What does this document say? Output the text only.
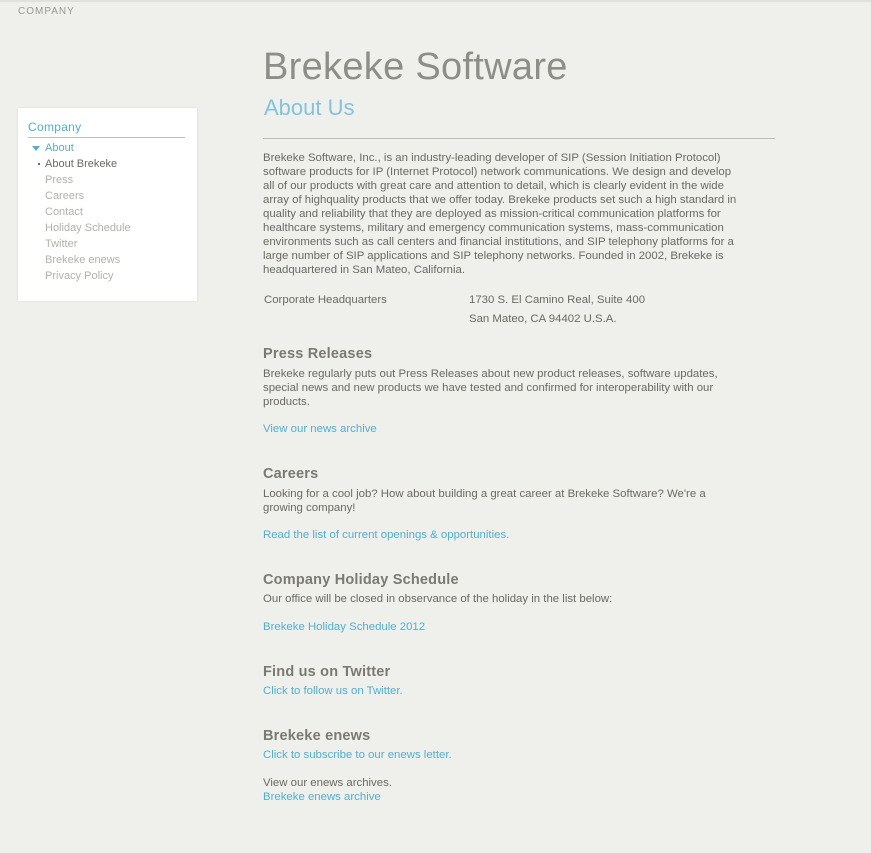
COMPANY
Company
About
About Brekeke
Press
Careers
Contact
Holiday Schedule
Twitter
Brekeke enews
Privacy Policy
Brekeke Software
About Us
Brekeke Software, Inc., is an industry-leading developer of SIP (Session Initiation Protocol)
software products for IP (Internet Protocol) network communications. We design and develop
all of our products with great care and attention to detail, which is clearly evident in the wide
array of highquality products that we offer today. Brekeke products set such a high standard in
quality and reliability that they are deployed as mission-critical communication platforms for
healthcare systems, military and emergency communication systems, mass-communication
environments such as call centers and financial institutions, and SIP telephony platforms for a
large number of SIP applications and SIP telephony networks. Founded in 2002, Brekeke is
headquartered in San Mateo, California.
Corporate Headquarters	1730 S. El Camino Real, Suite 400
San Mateo, CA 94402 U.S.A.
Press Releases
Brekeke regularly puts out Press Releases about new product releases, software updates,
special news and new products we have tested and confirmed for interoperability with our
products.
View our news archive
Careers
Looking for a cool job? How about building a great career at Brekeke Software? We're a
growing company!
Read the list of current openings & opportunities.
Company Holiday Schedule
Our office will be closed in observance of the holiday in the list below:
Brekeke Holiday Schedule 2012
Find us on Twitter
Click to follow us on Twitter.
Brekeke enews
Click to subscribe to our enews letter.
View our enews archives.
Brekeke enews archive
